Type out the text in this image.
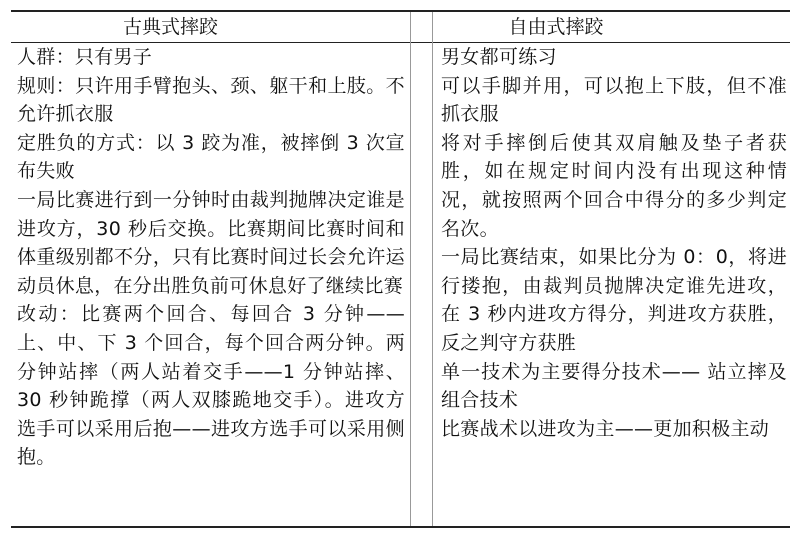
古典式摔跤	自由式摔跤
人群：只有男子
规则：只许用手臂抱头、颈、躯干和上肢。不允许抓衣服
定胜负的方式：以 3 跤为准，被摔倒 3 次宣布失败
一局比赛进行到一分钟时由裁判抛牌决定谁是进攻方，30 秒后交换。比赛期间比赛时间和体重级别都不分，只有比赛时间过长会允许运动员休息，在分出胜负前可休息好了继续比赛
改动：比赛两个回合、每回合 3 分钟——上、中、下 3 个回合，每个回合两分钟。两分钟站摔（两人站着交手——1 分钟站摔、30 秒钟跪撑（两人双膝跪地交手）。进攻方选手可以采用后抱——进攻方选手可以采用侧抱。
男女都可练习
可以手脚并用，可以抱上下肢，但不准抓衣服
将对手摔倒后使其双肩触及垫子者获胜，如在规定时间内没有出现这种情况，就按照两个回合中得分的多少判定名次。
一局比赛结束，如果比分为 0：0，将进行搂抱，由裁判员抛牌决定谁先进攻，在 3 秒内进攻方得分，判进攻方获胜，反之判守方获胜
单一技术为主要得分技术—— 站立摔及组合技术
比赛战术以进攻为主——更加积极主动
